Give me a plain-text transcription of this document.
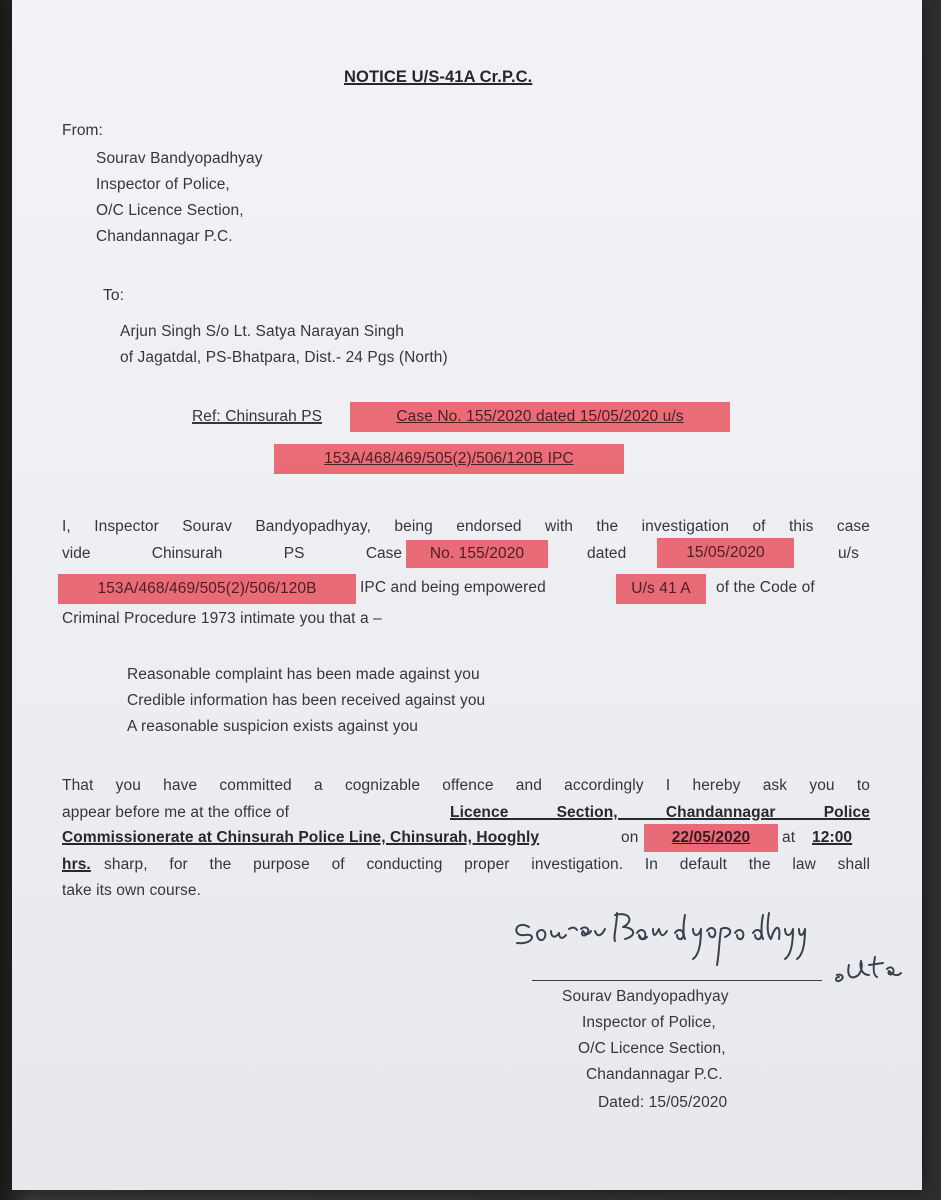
NOTICE U/S-41A Cr.P.C.
From:
Sourav Bandyopadhyay
Inspector of Police,
O/C Licence Section,
Chandannagar P.C.
To:
Arjun Singh S/o Lt. Satya Narayan Singh
of Jagatdal, PS-Bhatpara, Dist.- 24 Pgs (North)
Ref: Chinsurah PS	Case No. 155/2020 dated 15/05/2020 u/s
153A/468/469/505(2)/506/120B IPC
I, Inspector Sourav Bandyopadhyay, being endorsed with the investigation of this case
vide	Chinsurah	PS	Case No. 155/2020	dated	15/05/2020	u/s
153A/468/469/505(2)/506/120B	IPC and being empowered	U/s 41 A of the Code of
Criminal Procedure 1973 intimate you that a –
Reasonable complaint has been made against you
Credible information has been received against you
A reasonable suspicion exists against you
That you have committed a cognizable offence and accordingly I hereby ask you to
appear before me at the office of	Licence Section, Chandannagar Police
Commissionerate at Chinsurah Police Line, Chinsurah, Hooghly	on 22/05/2020 at 12:00
hrs. sharp, for the purpose of conducting proper investigation. In default the law shall
take its own course.
Sourav Bandyopadhyay
Inspector of Police,
O/C Licence Section,
Chandannagar P.C.
Dated: 15/05/2020
